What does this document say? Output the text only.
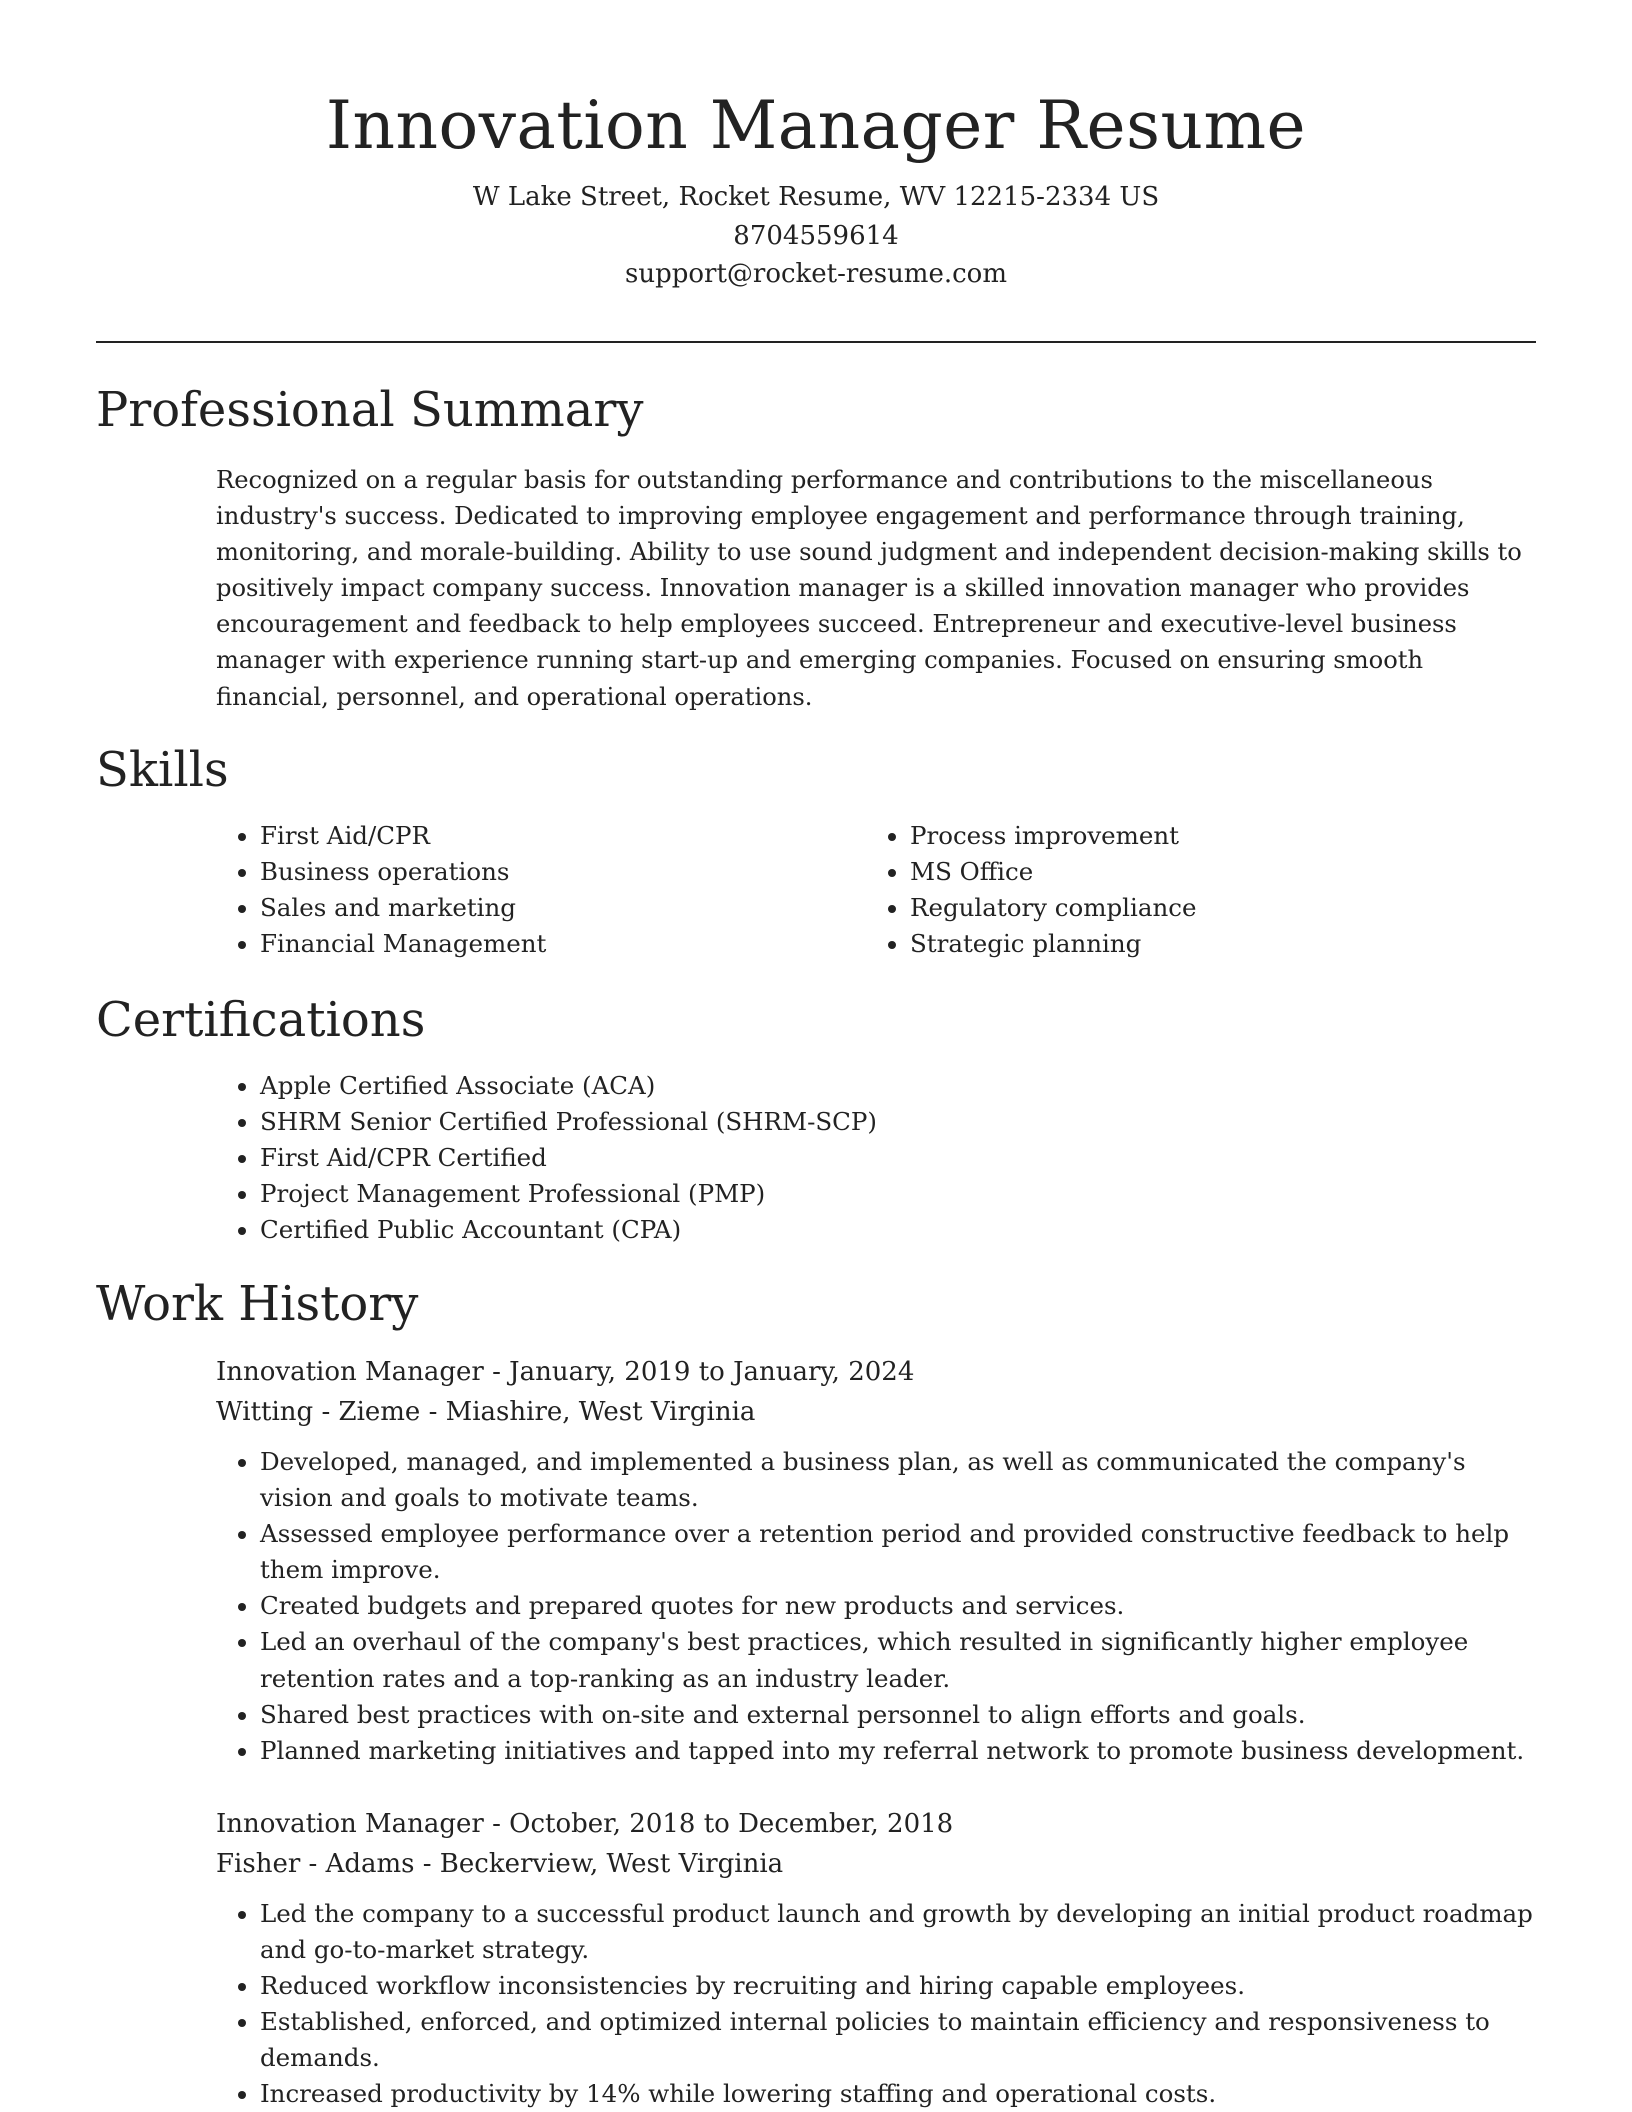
Innovation Manager Resume
W Lake Street, Rocket Resume, WV 12215-2334 US
8704559614
support@rocket-resume.com
Professional Summary

Recognized on a regular basis for outstanding performance and contributions to the miscellaneous industry's success. Dedicated to improving employee engagement and performance through training, monitoring, and morale-building. Ability to use sound judgment and independent decision-making skills to positively impact company success. Innovation manager is a skilled innovation manager who provides encouragement and feedback to help employees succeed. Entrepreneur and executive-level business manager with experience running start-up and emerging companies. Focused on ensuring smooth financial, personnel, and operational operations.

Skills
• First Aid/CPR
• Business operations
• Sales and marketing
• Financial Management
• Process improvement
• MS Office
• Regulatory compliance
• Strategic planning
Certifications
• Apple Certified Associate (ACA)
• SHRM Senior Certified Professional (SHRM-SCP)
• First Aid/CPR Certified
• Project Management Professional (PMP)
• Certified Public Accountant (CPA)
Work History
Innovation Manager - January, 2019 to January, 2024
Witting - Zieme - Miashire, West Virginia
• Developed, managed, and implemented a business plan, as well as communicated the company's vision and goals to motivate teams.
• Assessed employee performance over a retention period and provided constructive feedback to help them improve.
• Created budgets and prepared quotes for new products and services.
• Led an overhaul of the company's best practices, which resulted in significantly higher employee retention rates and a top-ranking as an industry leader.
• Shared best practices with on-site and external personnel to align efforts and goals.
• Planned marketing initiatives and tapped into my referral network to promote business development.
Innovation Manager - October, 2018 to December, 2018
Fisher - Adams - Beckerview, West Virginia
• Led the company to a successful product launch and growth by developing an initial product roadmap and go-to-market strategy.
• Reduced workflow inconsistencies by recruiting and hiring capable employees.
• Established, enforced, and optimized internal policies to maintain efficiency and responsiveness to demands.
• Increased productivity by 14% while lowering staffing and operational costs.
